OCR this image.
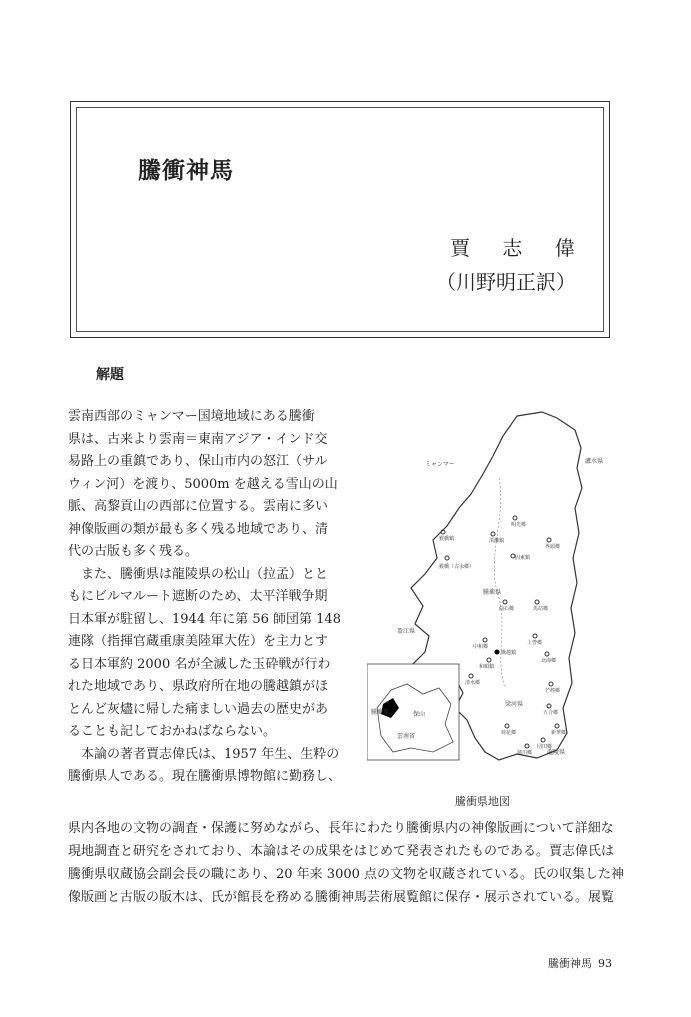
騰衝神馬
賈 志 偉
（川野明正訳）
解題

雲南西部のミャンマー国境地域にある騰衝

県は、古来より雲南＝東南アジア・インド交

易路上の重鎮であり、保山市内の怒江（サル

ウィン河）を渡り、5000m を越える雪山の山

脈、高黎貢山の西部に位置する。雲南に多い

神像版画の類が最も多く残る地域であり、清

代の古版も多く残る。

　また、騰衝県は龍陵県の松山（拉孟）とと

もにビルマルート遮断のため、太平洋戦争期

日本軍が駐留し、1944 年に第 56 師団第 148

連隊（指揮官蔵重康美陸軍大佐）を主力とす

る日本軍約 2000 名が全滅した玉砕戦が行わ

れた地域であり、県政府所在地の騰越鎮がほ

とんど灰燼に帰した痛ましい過去の歴史があ

ることも記しておかねばならない。

　本論の著者賈志偉氏は、1957 年生、生粋の

騰衝県人である。現在騰衝県博物館に勤務し、

ミャンマー	瀘水県
盈江県
梁河県
龍陵県
騰衝県	保山
雲南省
騰衝県
明光郷
滇灘鎮
界頭郷
猴橋鎮
固東鎮
猴橋（古永郷）
曲石郷	馬站郷
上營郷
中和郷
騰越鎮
和順鎮
北海郷
芒棒郷
五合郷
荷花郷	新華郷
団田郷
蒲川郷
清水郷
騰衝県地図

県内各地の文物の調査・保護に努めながら、長年にわたり騰衝県内の神像版画について詳細な

現地調査と研究をされており、本論はその成果をはじめて発表されたものである。賈志偉氏は

騰衝県収蔵協会副会長の職にあり、20 年来 3000 点の文物を収蔵されている。氏の収集した神

像版画と古版の版木は、氏が館長を務める騰衝神馬芸術展覧館に保存・展示されている。展覧

騰衝神馬 93
